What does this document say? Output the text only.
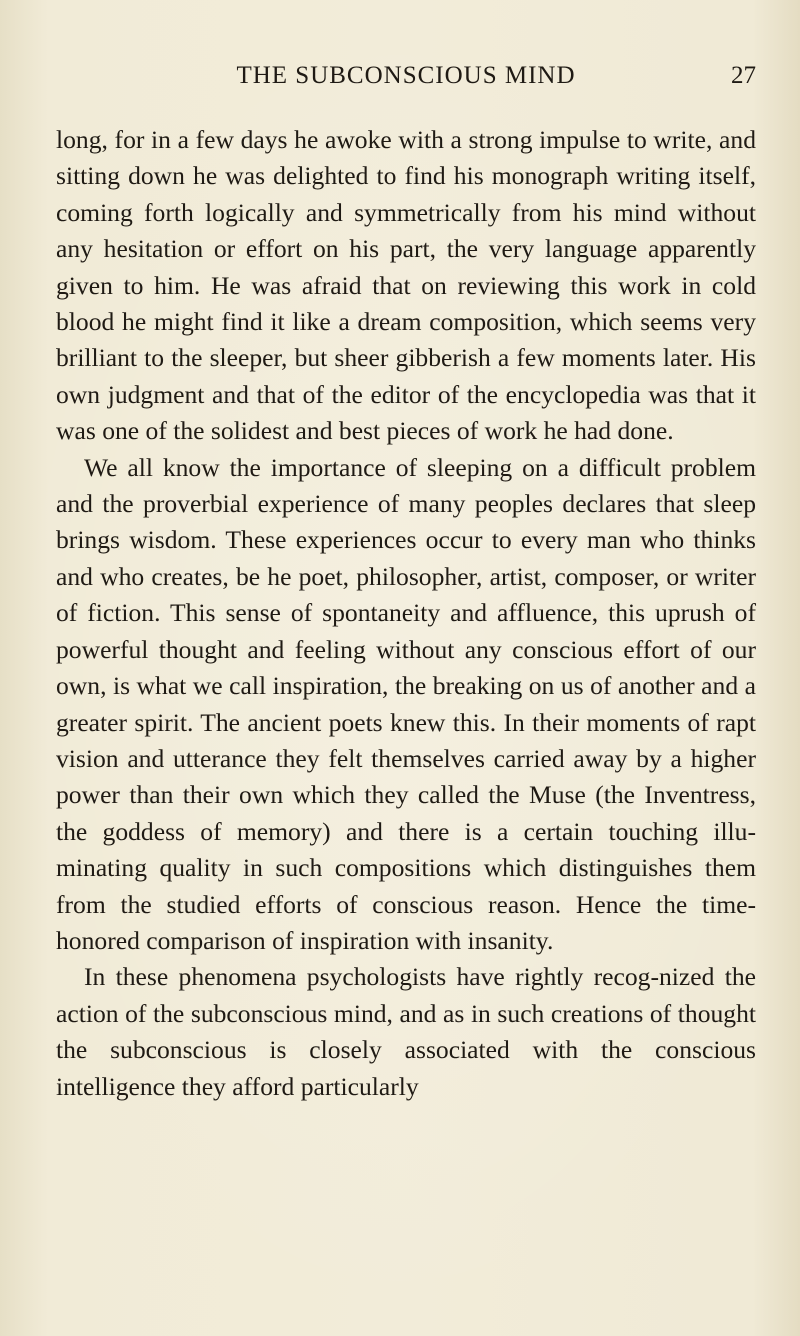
THE SUBCONSCIOUS MIND	27

long, for in a few days he awoke with a strong impulse to write, and sitting down he was delighted to find his monograph writing itself, coming forth logically and symmetrically from his mind without any hesitation or effort on his part, the very language apparently given to him. He was afraid that on reviewing this work in cold blood he might find it like a dream composition, which seems very brilliant to the sleeper, but sheer gibberish a few moments later. His own judgment and that of the editor of the encyclopedia was that it was one of the solidest and best pieces of work he had done.

We all know the importance of sleeping on a difficult problem and the proverbial experience of many peoples declares that sleep brings wisdom. These experiences occur to every man who thinks and who creates, be he poet, philosopher, artist, composer, or writer of fiction. This sense of spontaneity and affluence, this uprush of powerful thought and feeling without any conscious effort of our own, is what we call inspiration, the breaking on us of another and a greater spirit. The ancient poets knew this. In their moments of rapt vision and utterance they felt themselves carried away by a higher power than their own which they called the Muse (the Inventress, the goddess of memory) and there is a certain touching illu-minating quality in such compositions which distinguishes them from the studied efforts of conscious reason. Hence the time-honored comparison of inspiration with insanity.

In these phenomena psychologists have rightly recog-nized the action of the subconscious mind, and as in such creations of thought the subconscious is closely associated with the conscious intelligence they afford particularly
